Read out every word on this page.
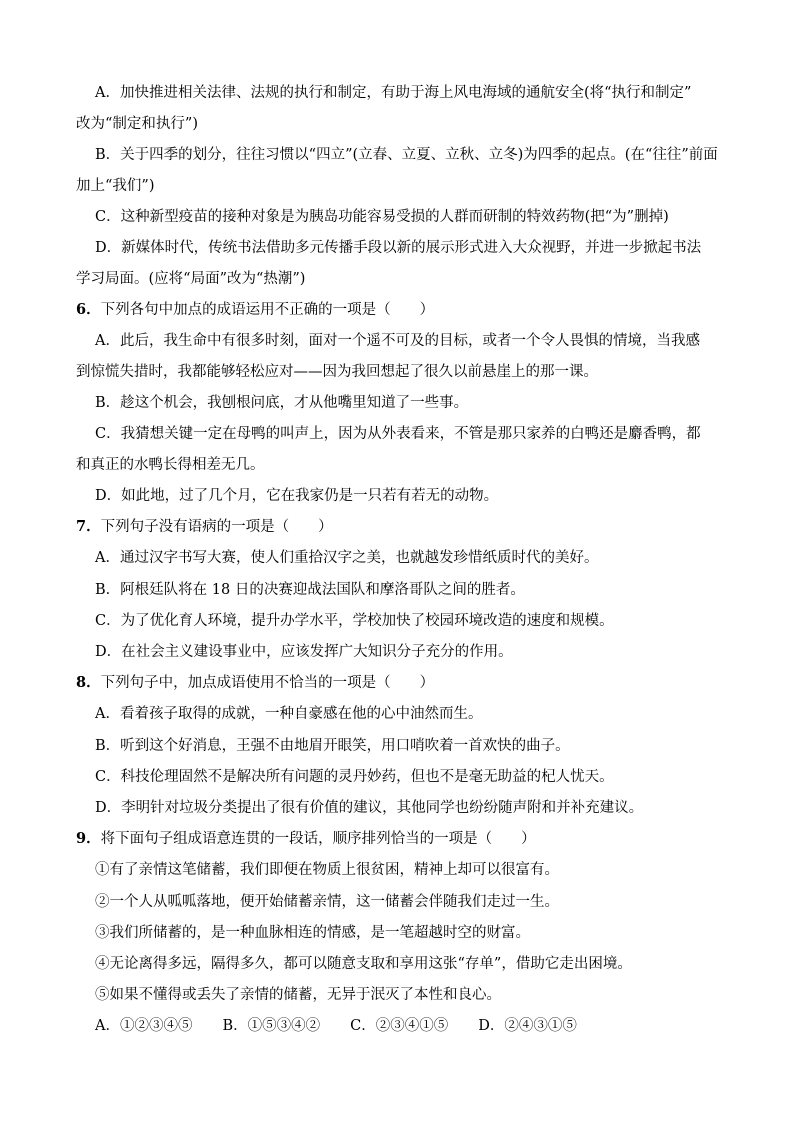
A．加快推进相关法律、法规的执行和制定，有助于海上风电海域的通航安全(将“执行和制定”
改为“制定和执行”)
B．关于四季的划分，往往习惯以“四立”(立春、立夏、立秋、立冬)为四季的起点。(在“往往”前面
加上“我们”)
C．这种新型疫苗的接种对象是为胰岛功能容易受损的人群而研制的特效药物(把“为”删掉)
D．新媒体时代，传统书法借助多元传播手段以新的展示形式进入大众视野，并进一步掀起书法
学习局面。(应将“局面”改为“热潮”)
6．下列各句中加点的成语运用不正确的一项是（　　）
A．此后，我生命中有很多时刻，面对一个遥不可及的目标，或者一个令人畏惧的情境，当我感
到惊慌失措时，我都能够轻松应对——因为我回想起了很久以前悬崖上的那一课。
B．趁这个机会，我刨根问底，才从他嘴里知道了一些事。
C．我猜想关键一定在母鸭的叫声上，因为从外表看来，不管是那只家养的白鸭还是麝香鸭，都
和真正的水鸭长得相差无几。
D．如此地，过了几个月，它在我家仍是一只若有若无的动物。
7．下列句子没有语病的一项是（　　）
A．通过汉字书写大赛，使人们重拾汉字之美，也就越发珍惜纸质时代的美好。
B．阿根廷队将在 18 日的决赛迎战法国队和摩洛哥队之间的胜者。
C．为了优化育人环境，提升办学水平，学校加快了校园环境改造的速度和规模。
D．在社会主义建设事业中，应该发挥广大知识分子充分的作用。
8．下列句子中，加点成语使用不恰当的一项是（　　）
A．看着孩子取得的成就，一种自豪感在他的心中油然而生。
B．听到这个好消息，王强不由地眉开眼笑，用口哨吹着一首欢快的曲子。
C．科技伦理固然不是解决所有问题的灵丹妙药，但也不是毫无助益的杞人忧天。
D．李明针对垃圾分类提出了很有价值的建议，其他同学也纷纷随声附和并补充建议。
9．将下面句子组成语意连贯的一段话，顺序排列恰当的一项是（　　）
①有了亲情这笔储蓄，我们即便在物质上很贫困，精神上却可以很富有。
②一个人从呱呱落地，便开始储蓄亲情，这一储蓄会伴随我们走过一生。
③我们所储蓄的，是一种血脉相连的情感，是一笔超越时空的财富。
④无论离得多远，隔得多久，都可以随意支取和享用这张“存单”，借助它走出困境。
⑤如果不懂得或丢失了亲情的储蓄，无异于泯灭了本性和良心。
A．①②③④⑤ B．①⑤③④② C．②③④①⑤ D．②④③①⑤
